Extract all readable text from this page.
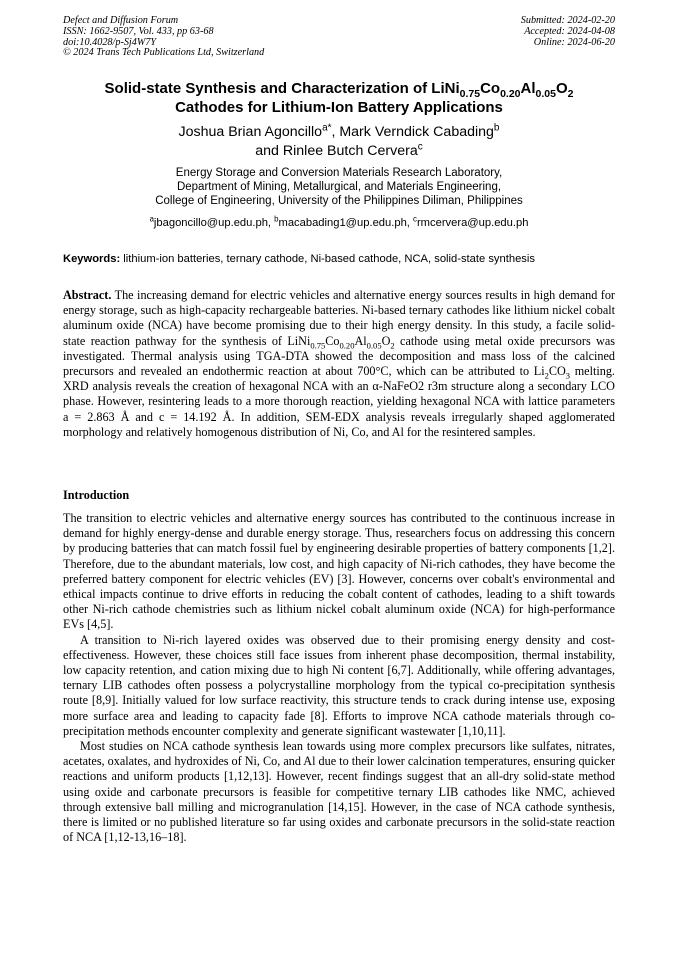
Defect and Diffusion Forum
ISSN: 1662-9507, Vol. 433, pp 63-68
doi:10.4028/p-Sj4W7Y
© 2024 Trans Tech Publications Ltd, Switzerland
Submitted: 2024-02-20
Accepted: 2024-04-08
Online: 2024-06-20
Solid-state Synthesis and Characterization of $LiNi_{0.75}Co_{0.20}Al_{0.05}O_2$
Cathodes for Lithium-Ion Battery Applications
Joshua Brian Agoncillo$^{a*}$, Mark Verndick Cabading$^b$
and Rinlee Butch Cervera$^c$
Energy Storage and Conversion Materials Research Laboratory,
Department of Mining, Metallurgical, and Materials Engineering,
College of Engineering, University of the Philippines Diliman, Philippines
$^a$jbagoncillo@up.edu.ph, $^b$macabading1@up.edu.ph, $^c$rmcervera@up.edu.ph
Keywords: lithium-ion batteries, ternary cathode, Ni-based cathode, NCA, solid-state synthesis
Abstract. The increasing demand for electric vehicles and alternative energy sources results in high demand for energy storage, such as high-capacity rechargeable batteries. Ni-based ternary cathodes like lithium nickel cobalt aluminum oxide (NCA) have become promising due to their high energy density. In this study, a facile solid-state reaction pathway for the synthesis of $LiNi_{0.75}Co_{0.20}Al_{0.05}O_2$ cathode using metal oxide precursors was investigated. Thermal analysis using TGA-DTA showed the decomposition and mass loss of the calcined precursors and revealed an endothermic reaction at about 700°C, which can be attributed to $Li_2CO_3$ melting. XRD analysis reveals the creation of hexagonal NCA with an α-NaFeO2 r3m structure along a secondary LCO phase. However, resintering leads to a more thorough reaction, yielding hexagonal NCA with lattice parameters a = 2.863 Å and c = 14.192 Å. In addition, SEM-EDX analysis reveals irregularly shaped agglomerated morphology and relatively homogenous distribution of Ni, Co, and Al for the resintered samples.
Introduction

The transition to electric vehicles and alternative energy sources has contributed to the continuous increase in demand for highly energy-dense and durable energy storage. Thus, researchers focus on addressing this concern by producing batteries that can match fossil fuel by engineering desirable properties of battery components [1,2]. Therefore, due to the abundant materials, low cost, and high capacity of Ni-rich cathodes, they have become the preferred battery component for electric vehicles (EV) [3]. However, concerns over cobalt's environmental and ethical impacts continue to drive efforts in reducing the cobalt content of cathodes, leading to a shift towards other Ni-rich cathode chemistries such as lithium nickel cobalt aluminum oxide (NCA) for high-performance EVs [4,5].

A transition to Ni-rich layered oxides was observed due to their promising energy density and cost-effectiveness. However, these choices still face issues from inherent phase decomposition, thermal instability, low capacity retention, and cation mixing due to high Ni content [6,7]. Additionally, while offering advantages, ternary LIB cathodes often possess a polycrystalline morphology from the typical co-precipitation synthesis route [8,9]. Initially valued for low surface reactivity, this structure tends to crack during intense use, exposing more surface area and leading to capacity fade [8]. Efforts to improve NCA cathode materials through co-precipitation methods encounter complexity and generate significant wastewater [1,10,11].

Most studies on NCA cathode synthesis lean towards using more complex precursors like sulfates, nitrates, acetates, oxalates, and hydroxides of Ni, Co, and Al due to their lower calcination temperatures, ensuring quicker reactions and uniform products [1,12,13]. However, recent findings suggest that an all-dry solid-state method using oxide and carbonate precursors is feasible for competitive ternary LIB cathodes like NMC, achieved through extensive ball milling and microgranulation [14,15]. However, in the case of NCA cathode synthesis, there is limited or no published literature so far using oxides and carbonate precursors in the solid-state reaction of NCA [1,12-13,16–18].
